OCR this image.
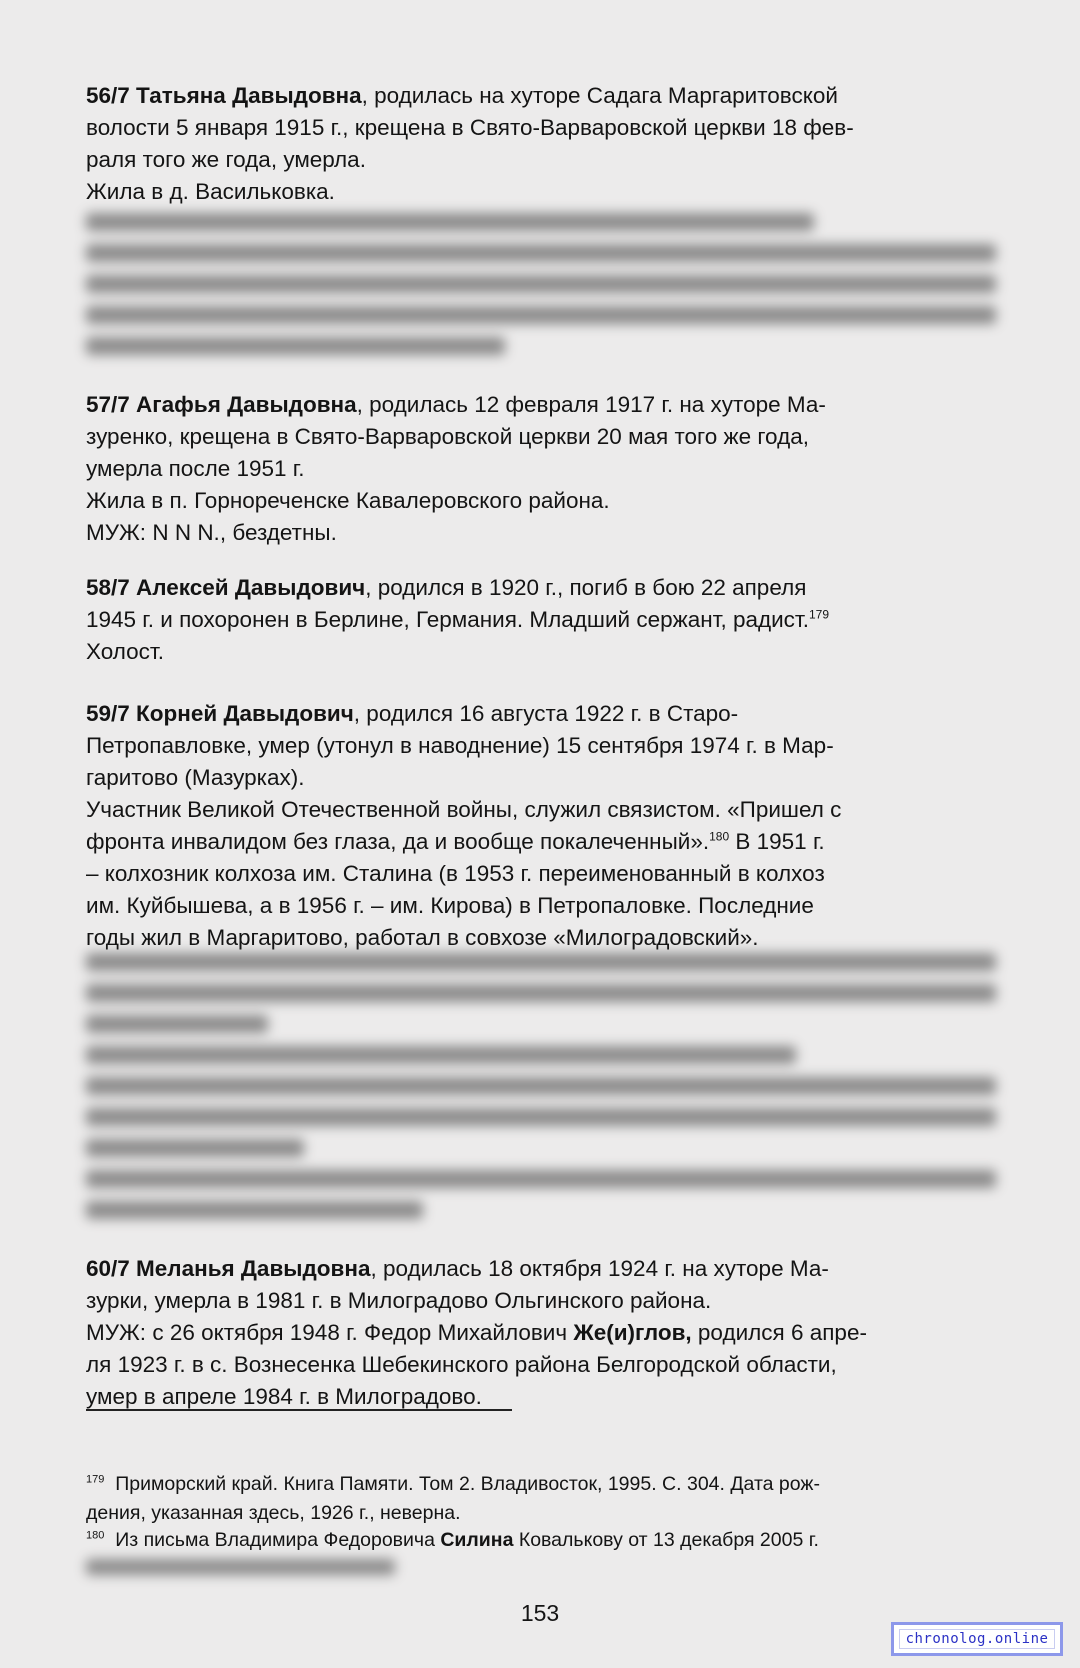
56/7 Татьяна Давыдовна, родилась на хуторе Садага Маргаритовской
волости 5 января 1915 г., крещена в Свято-Варваровской церкви 18 фев-
раля того же года, умерла.
Жила в д. Васильковка.
57/7 Агафья Давыдовна, родилась 12 февраля 1917 г. на хуторе Ма-
зуренко, крещена в Свято-Варваровской церкви 20 мая того же года,
умерла после 1951 г.
Жила в п. Горнореченске Кавалеровского района.
МУЖ: N N N., бездетны.
58/7 Алексей Давыдович, родился в 1920 г., погиб в бою 22 апреля
1945 г. и похоронен в Берлине, Германия. Младший сержант, радист.$^{179}$
Холост.
59/7 Корней Давыдович, родился 16 августа 1922 г. в Старо-
Петропавловке, умер (утонул в наводнение) 15 сентября 1974 г. в Мар-
гаритово (Мазурках).
Участник Великой Отечественной войны, служил связистом. «Пришел с
фронта инвалидом без глаза, да и вообще покалеченный».$^{180}$ В 1951 г.
– колхозник колхоза им. Сталина (в 1953 г. переименованный в колхоз
им. Куйбышева, а в 1956 г. – им. Кирова) в Петропаловке. Последние
годы жил в Маргаритово, работал в совхозе «Милоградовский».
60/7 Меланья Давыдовна, родилась 18 октября 1924 г. на хуторе Ма-
зурки, умерла в 1981 г. в Милоградово Ольгинского района.
МУЖ: с 26 октября 1948 г. Федор Михайлович Же(и)глов, родился 6 апре-
ля 1923 г. в с. Вознесенка Шебекинского района Белгородской области,
умер в апреле 1984 г. в Милоградово.
$^{179}$ Приморский край. Книга Памяти. Том 2. Владивосток, 1995. С. 304. Дата рож-
дения, указанная здесь, 1926 г., неверна.
$^{180}$ Из письма Владимира Федоровича Силина Ковалькову от 13 декабря 2005 г.
153
chronolog.online
